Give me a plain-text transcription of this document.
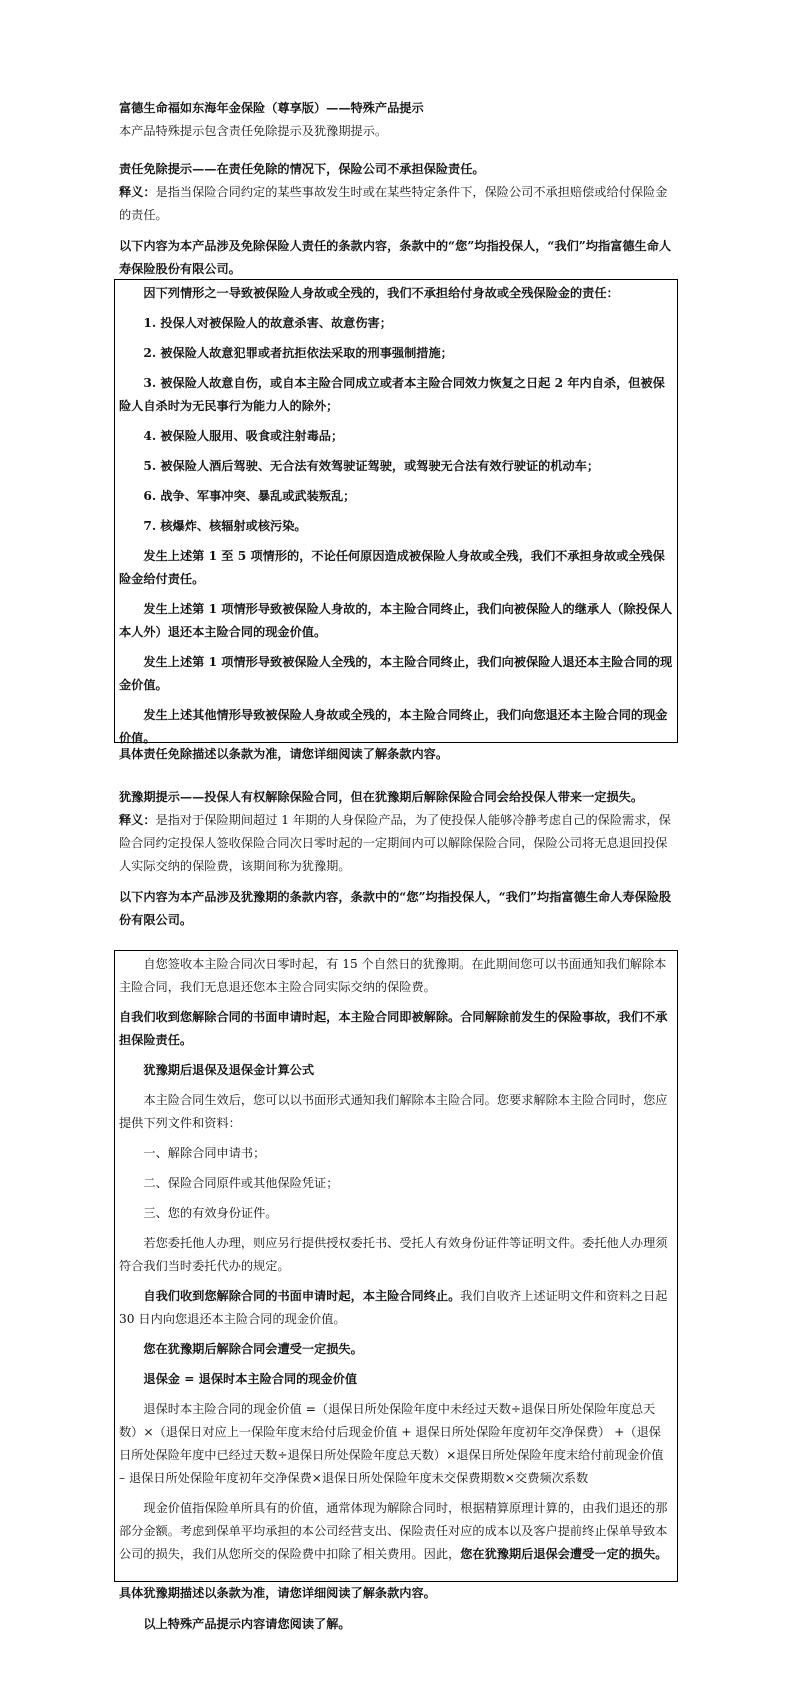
富德生命福如东海年金保险（尊享版）——特殊产品提示

本产品特殊提示包含责任免除提示及犹豫期提示。

责任免除提示——在责任免除的情况下，保险公司不承担保险责任。

释义：是指当保险合同约定的某些事故发生时或在某些特定条件下，保险公司不承担赔偿或给付保险金的责任。

以下内容为本产品涉及免除保险人责任的条款内容，条款中的“您”均指投保人，“我们”均指富德生命人寿保险股份有限公司。

因下列情形之一导致被保险人身故或全残的，我们不承担给付身故或全残保险金的责任：

1. 投保人对被保险人的故意杀害、故意伤害；

2. 被保险人故意犯罪或者抗拒依法采取的刑事强制措施；

3. 被保险人故意自伤，或自本主险合同成立或者本主险合同效力恢复之日起 2 年内自杀，但被保险人自杀时为无民事行为能力人的除外；

4. 被保险人服用、吸食或注射毒品；

5. 被保险人酒后驾驶、无合法有效驾驶证驾驶，或驾驶无合法有效行驶证的机动车；

6. 战争、军事冲突、暴乱或武装叛乱；

7. 核爆炸、核辐射或核污染。

发生上述第 1 至 5 项情形的，不论任何原因造成被保险人身故或全残，我们不承担身故或全残保险金给付责任。

发生上述第 1 项情形导致被保险人身故的，本主险合同终止，我们向被保险人的继承人（除投保人本人外）退还本主险合同的现金价值。

发生上述第 1 项情形导致被保险人全残的，本主险合同终止，我们向被保险人退还本主险合同的现金价值。

发生上述其他情形导致被保险人身故或全残的，本主险合同终止，我们向您退还本主险合同的现金价值。

具体责任免除描述以条款为准，请您详细阅读了解条款内容。

犹豫期提示——投保人有权解除保险合同，但在犹豫期后解除保险合同会给投保人带来一定损失。

释义：是指对于保险期间超过 1 年期的人身保险产品，为了使投保人能够冷静考虑自己的保险需求，保险合同约定投保人签收保险合同次日零时起的一定期间内可以解除保险合同，保险公司将无息退回投保人实际交纳的保险费，该期间称为犹豫期。

以下内容为本产品涉及犹豫期的条款内容，条款中的“您”均指投保人，“我们”均指富德生命人寿保险股份有限公司。

自您签收本主险合同次日零时起，有 15 个自然日的犹豫期。在此期间您可以书面通知我们解除本主险合同，我们无息退还您本主险合同实际交纳的保险费。

自我们收到您解除合同的书面申请时起，本主险合同即被解除。合同解除前发生的保险事故，我们不承担保险责任。

犹豫期后退保及退保金计算公式

本主险合同生效后，您可以以书面形式通知我们解除本主险合同。您要求解除本主险合同时，您应提供下列文件和资料：

一、解除合同申请书；

二、保险合同原件或其他保险凭证；

三、您的有效身份证件。

若您委托他人办理，则应另行提供授权委托书、受托人有效身份证件等证明文件。委托他人办理须符合我们当时委托代办的规定。

自我们收到您解除合同的书面申请时起，本主险合同终止。我们自收齐上述证明文件和资料之日起 30 日内向您退还本主险合同的现金价值。

您在犹豫期后解除合同会遭受一定损失。

退保金 = 退保时本主险合同的现金价值

退保时本主险合同的现金价值 =（退保日所处保险年度中未经过天数÷退保日所处保险年度总天数）×（退保日对应上一保险年度末给付后现金价值 + 退保日所处保险年度初年交净保费） +（退保日所处保险年度中已经过天数÷退保日所处保险年度总天数）×退保日所处保险年度末给付前现金价值 – 退保日所处保险年度初年交净保费×退保日所处保险年度未交保费期数×交费频次系数

现金价值指保险单所具有的价值，通常体现为解除合同时，根据精算原理计算的，由我们退还的那部分金额。考虑到保单平均承担的本公司经营支出、保险责任对应的成本以及客户提前终止保单导致本公司的损失，我们从您所交的保险费中扣除了相关费用。因此，您在犹豫期后退保会遭受一定的损失。

具体犹豫期描述以条款为准，请您详细阅读了解条款内容。

以上特殊产品提示内容请您阅读了解。
